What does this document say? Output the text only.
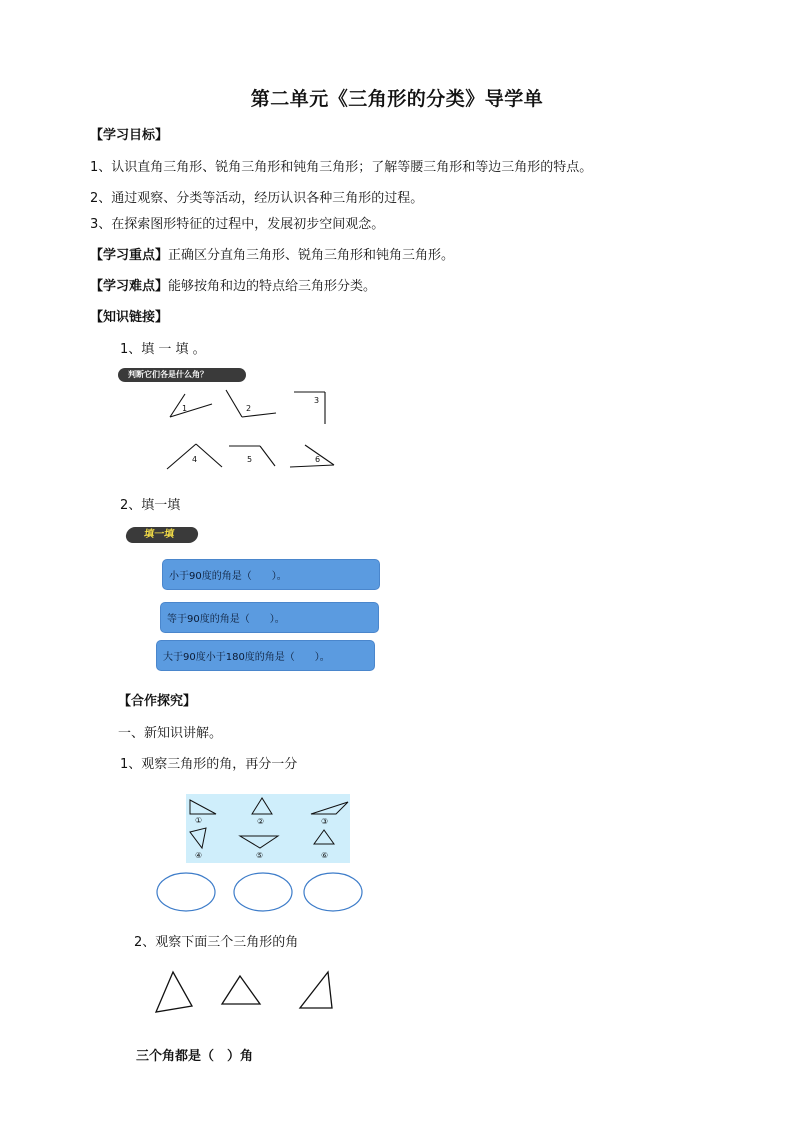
第二单元《三角形的分类》导学单
【学习目标】
1、认识直角三角形、锐角三角形和钝角三角形；了解等腰三角形和等边三角形的特点。
2、通过观察、分类等活动，经历认识各种三角形的过程。
3、在探索图形特征的过程中，发展初步空间观念。
【学习重点】正确区分直角三角形、锐角三角形和钝角三角形。
【学习难点】能够按角和边的特点给三角形分类。
【知识链接】
1、填 一 填 。
判断它们各是什么角？
1	2
3
4	5	6
2、填一填
填一填
小于90度的角是（　　）。
等于90度的角是（　　）。
大于90度小于180度的角是（　　）。
【合作探究】
一、新知识讲解。
1、观察三角形的角，再分一分
①	②	③
④	⑤	⑥
2、观察下面三个三角形的角
三个角都是（　）角
